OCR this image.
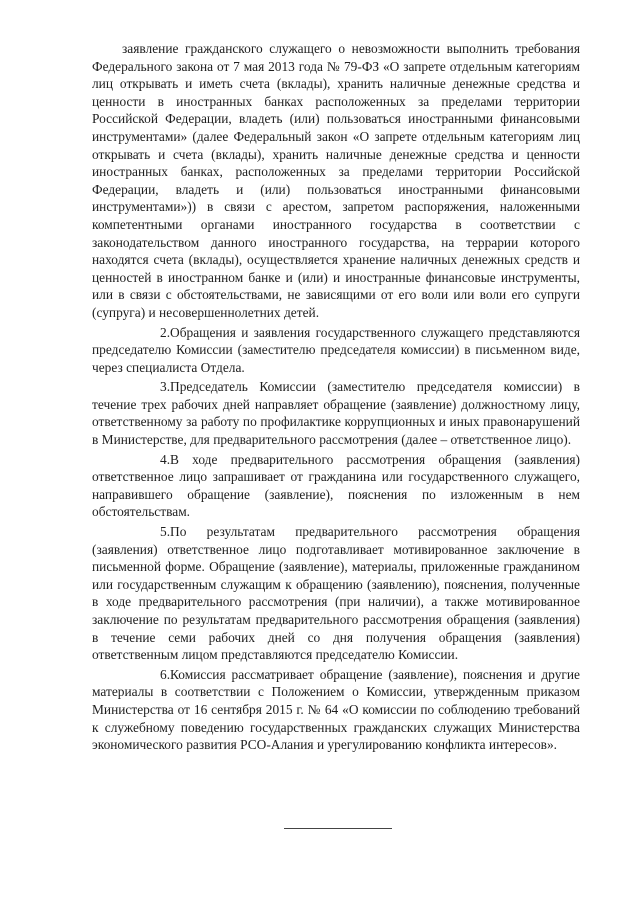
заявление гражданского служащего о невозможности выполнить требования Федерального закона от 7 мая 2013 года № 79-ФЗ «О запрете отдельным категориям лиц открывать и иметь счета (вклады), хранить наличные денежные средства и ценности в иностранных банках расположенных за пределами территории Российской Федерации, владеть (или) пользоваться иностранными финансовыми инструментами» (далее Федеральный закон «О запрете отдельным категориям лиц открывать и счета (вклады), хранить наличные денежные средства и ценности иностранных банках, расположенных за пределами территории Российской Федерации, владеть и (или) пользоваться иностранными финансовыми инструментами»)) в связи с арестом, запретом распоряжения, наложенными компетентными органами иностранного государства в соответствии с законодательством данного иностранного государства, на террарии которого находятся счета (вклады), осуществляется хранение наличных денежных средств и ценностей в иностранном банке и (или) и иностранные финансовые инструменты, или в связи с обстоятельствами, не зависящими от его воли или воли его супруги (супруга) и несовершеннолетних детей.

2.Обращения и заявления государственного служащего представляются председателю Комиссии (заместителю председателя комиссии) в письменном виде, через специалиста Отдела.

3.Председатель Комиссии (заместителю председателя комиссии) в течение трех рабочих дней направляет обращение (заявление) должностному лицу, ответственному за работу по профилактике коррупционных и иных правонарушений в Министерстве, для предварительного рассмотрения (далее – ответственное лицо).

4.В ходе предварительного рассмотрения обращения (заявления) ответственное лицо запрашивает от гражданина или государственного служащего, направившего обращение (заявление), пояснения по изложенным в нем обстоятельствам.

5.По результатам предварительного рассмотрения обращения (заявления) ответственное лицо подготавливает мотивированное заключение в письменной форме. Обращение (заявление), материалы, приложенные гражданином или государственным служащим к обращению (заявлению), пояснения, полученные в ходе предварительного рассмотрения (при наличии), а также мотивированное заключение по результатам предварительного рассмотрения обращения (заявления) в течение семи рабочих дней со дня получения обращения (заявления) ответственным лицом представляются председателю Комиссии.

6.Комиссия рассматривает обращение (заявление), пояснения и другие материалы в соответствии с Положением о Комиссии, утвержденным приказом Министерства от 16 сентября 2015 г. № 64 «О комиссии по соблюдению требований к служебному поведению государственных гражданских служащих Министерства экономического развития РСО-Алания и урегулированию конфликта интересов».
